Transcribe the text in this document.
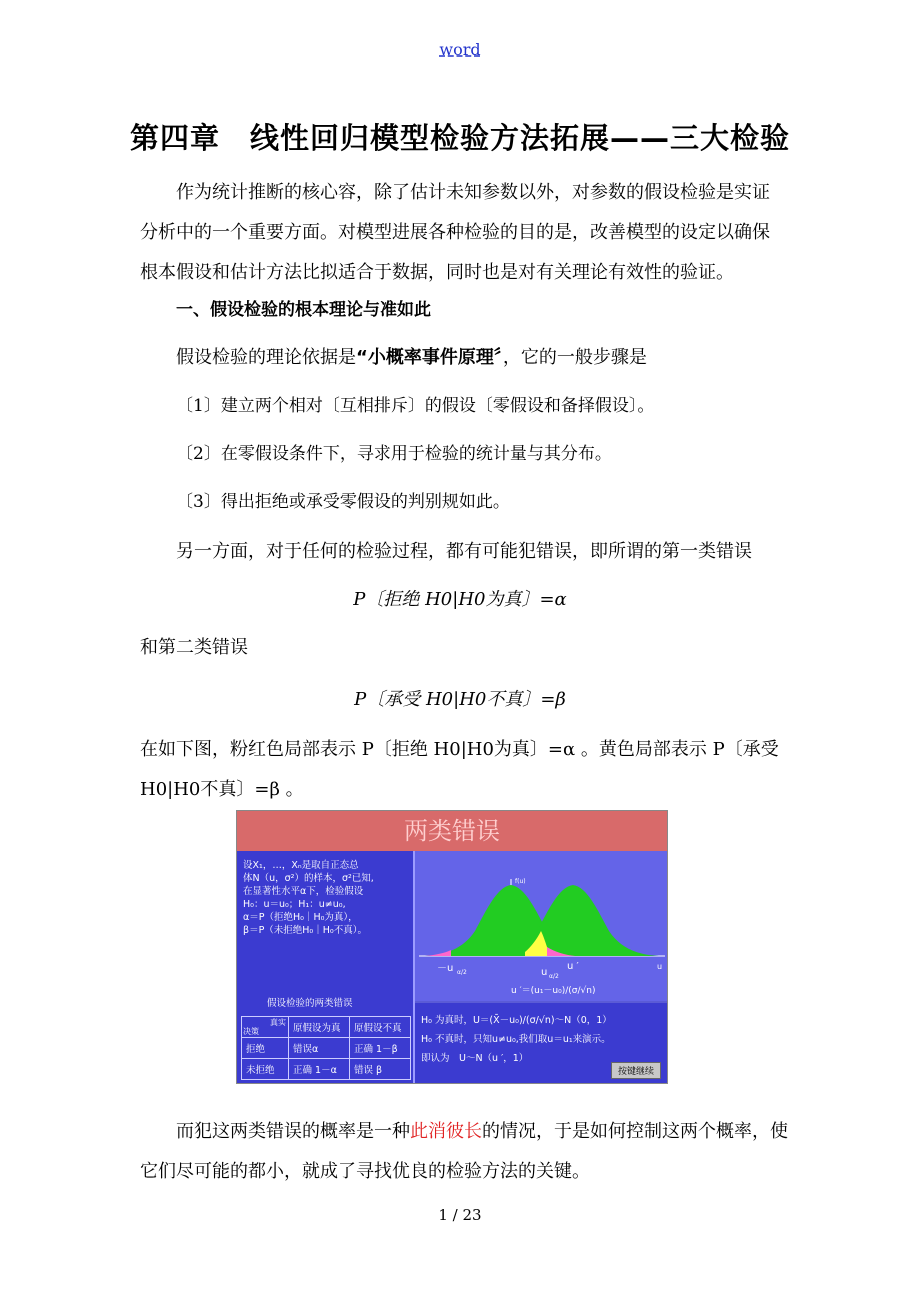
word
第四章　线性回归模型检验方法拓展——三大检验
作为统计推断的核心容，除了估计未知参数以外，对参数的假设检验是实证分析中的一个重要方面。对模型进展各种检验的目的是，改善模型的设定以确保根本假设和估计方法比拟适合于数据，同时也是对有关理论有效性的验证。
一、假设检验的根本理论与准如此
假设检验的理论依据是“小概率事件原理〞，它的一般步骤是
〔1〕建立两个相对〔互相排斥〕的假设〔零假设和备择假设〕。
〔2〕在零假设条件下，寻求用于检验的统计量与其分布。
〔3〕得出拒绝或承受零假设的判别规如此。
另一方面，对于任何的检验过程，都有可能犯错误，即所谓的第一类错误
P〔拒绝 H0|H0为真〕=α
和第二类错误
P〔承受 H0|H0不真〕=β
在如下图，粉红色局部表示 P〔拒绝 H0|H0为真〕=α 。黄色局部表示 P〔承受 H0|H0不真〕=β 。
两类错误
设X₁，…，Xₙ是取自正态总
体N（u，σ²）的样本，σ²已知,
在显著性水平α下，检验假设
H₀：u＝u₀；H₁：u≠u₀,
α＝P（拒绝H₀｜H₀为真），
β＝P（未拒绝H₀｜H₀不真）。
假设检验的两类错误
真实
决策	原假设为真	原假设不真
拒绝	错误α	正确 1－β
未拒绝	正确 1－α	错误 β
f(u)
－u α/2	u α/2
u ′	u
u ′＝(u₁－u₀)/(σ/√n)
H₀ 为真时，U＝(X̄－u₀)/(σ/√n)～N（0，1）
H₀ 不真时，只知u≠u₀,我们取u＝u₁来演示。
即认为　U～N（u ′，1）
按键继续
而犯这两类错误的概率是一种此消彼长的情况，于是如何控制这两个概率，使它们尽可能的都小，就成了寻找优良的检验方法的关键。
1 / 23
